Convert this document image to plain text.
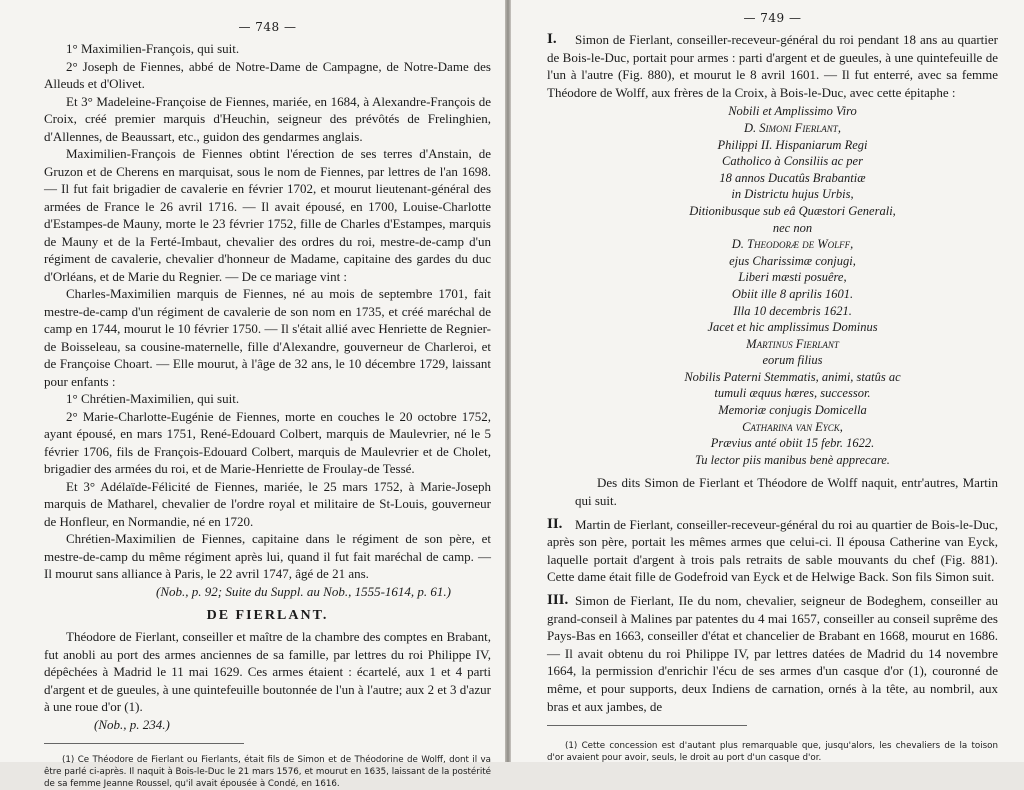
— 748 —

1° Maximilien-François, qui suit.

2° Joseph de Fiennes, abbé de Notre-Dame de Campagne, de Notre-Dame des Alleuds et d'Olivet.

Et 3° Madeleine-Françoise de Fiennes, mariée, en 1684, à Alexandre-François de Croix, créé premier marquis d'Heuchin, seigneur des prévôtés de Frelinghien, d'Allennes, de Beaussart, etc., guidon des gendarmes anglais.

Maximilien-François de Fiennes obtint l'érection de ses terres d'Anstain, de Gruzon et de Cherens en marquisat, sous le nom de Fiennes, par lettres de l'an 1698. — Il fut fait brigadier de cavalerie en février 1702, et mourut lieutenant-général des armées de France le 26 avril 1716. — Il avait épousé, en 1700, Louise-Charlotte d'Estampes-de Mauny, morte le 23 février 1752, fille de Charles d'Estampes, marquis de Mauny et de la Ferté-Imbaut, chevalier des ordres du roi, mestre-de-camp d'un régiment de cavalerie, chevalier d'honneur de Madame, capitaine des gardes du duc d'Orléans, et de Marie du Regnier. — De ce mariage vint :

Charles-Maximilien marquis de Fiennes, né au mois de septembre 1701, fait mestre-de-camp d'un régiment de cavalerie de son nom en 1735, et créé maréchal de camp en 1744, mourut le 10 février 1750. — Il s'était allié avec Henriette de Regnier-de Boisseleau, sa cousine-maternelle, fille d'Alexandre, gouverneur de Charleroi, et de Françoise Choart. — Elle mourut, à l'âge de 32 ans, le 10 décembre 1729, laissant pour enfants :

1° Chrétien-Maximilien, qui suit.

2° Marie-Charlotte-Eugénie de Fiennes, morte en couches le 20 octobre 1752, ayant épousé, en mars 1751, René-Edouard Colbert, marquis de Maulevrier, né le 5 février 1706, fils de François-Edouard Colbert, marquis de Maulevrier et de Cholet, brigadier des armées du roi, et de Marie-Henriette de Froulay-de Tessé.

Et 3° Adélaïde-Félicité de Fiennes, mariée, le 25 mars 1752, à Marie-Joseph marquis de Matharel, chevalier de l'ordre royal et militaire de St-Louis, gouverneur de Honfleur, en Normandie, né en 1720.

Chrétien-Maximilien de Fiennes, capitaine dans le régiment de son père, et mestre-de-camp du même régiment après lui, quand il fut fait maréchal de camp. — Il mourut sans alliance à Paris, le 22 avril 1747, âgé de 21 ans.

(Nob., p. 92; Suite du Suppl. au Nob., 1555-1614, p. 61.)

DE FIERLANT.

Théodore de Fierlant, conseiller et maître de la chambre des comptes en Brabant, fut anobli au port des armes anciennes de sa famille, par lettres du roi Philippe IV, dépêchées à Madrid le 11 mai 1629. Ces armes étaient : écartelé, aux 1 et 4 parti d'argent et de gueules, à une quintefeuille boutonnée de l'un à l'autre; aux 2 et 3 d'azur à une roue d'or (1).

(Nob., p. 234.)

(1) Ce Théodore de Fierlant ou Fierlants, était fils de Simon et de Théodorine de Wolff, dont il va être parlé ci-après. Il naquit à Bois-le-Duc le 21 mars 1576, et mourut en 1635, laissant de la postérité de sa femme Jeanne Roussel, qu'il avait épousée à Condé, en 1616.

— 749 —
I.	Simon de Fierlant, conseiller-receveur-général du roi pendant 18 ans au quartier de Bois-le-Duc, portait pour armes : parti d'argent et de gueules, à une quintefeuille de l'un à l'autre (Fig. 880), et mourut le 8 avril 1601. — Il fut enterré, avec sa femme Théodore de Wolff, aux frères de la Croix, à Bois-le-Duc, avec cette épitaphe :

Nobili et Amplissimo Viro
D. Simoni Fierlant,
Philippi II. Hispaniarum Regi
Catholico à Consiliis ac per
18 annos Ducatûs Brabantiæ
in Districtu hujus Urbis,
Ditionibusque sub eâ Quæstori Generali,
nec non
D. Theodoræ de Wolff,
ejus Charissimæ conjugi,
Liberi mæsti posuêre,
Obiit ille 8 aprilis 1601.
Illa 10 decembris 1621.
Jacet et hic amplissimus Dominus
Martinus Fierlant
eorum filius
Nobilis Paterni Stemmatis, animi, statûs ac
tumuli æquus hæres, successor.
Memoriæ conjugis Domicella
Catharina van Eyck,
Prævius anté obiit 15 febr. 1622.
Tu lector piis manibus benè apprecare.

Des dits Simon de Fierlant et Théodore de Wolff naquit, entr'autres, Martin qui suit.

II. Martin de Fierlant, conseiller-receveur-général du roi au quartier de Bois-le-Duc, après son père, portait les mêmes armes que celui-ci. Il épousa Catherine van Eyck, laquelle portait d'argent à trois pals retraits de sable mouvants du chef (Fig. 881). Cette dame était fille de Godefroid van Eyck et de Helwige Back. Son fils Simon suit.

III. Simon de Fierlant, IIe du nom, chevalier, seigneur de Bodeghem, conseiller au grand-conseil à Malines par patentes du 4 mai 1657, conseiller au conseil suprême des Pays-Bas en 1663, conseiller d'état et chancelier de Brabant en 1668, mourut en 1686. — Il avait obtenu du roi Philippe IV, par lettres datées de Madrid du 14 novembre 1664, la permission d'enrichir l'écu de ses armes d'un casque d'or (1), couronné de même, et pour supports, deux Indiens de carnation, ornés à la tête, au nombril, aux bras et aux jambes, de

(1) Cette concession est d'autant plus remarquable que, jusqu'alors, les chevaliers de la toison d'or avaient pour avoir, seuls, le droit au port d'un casque d'or.
